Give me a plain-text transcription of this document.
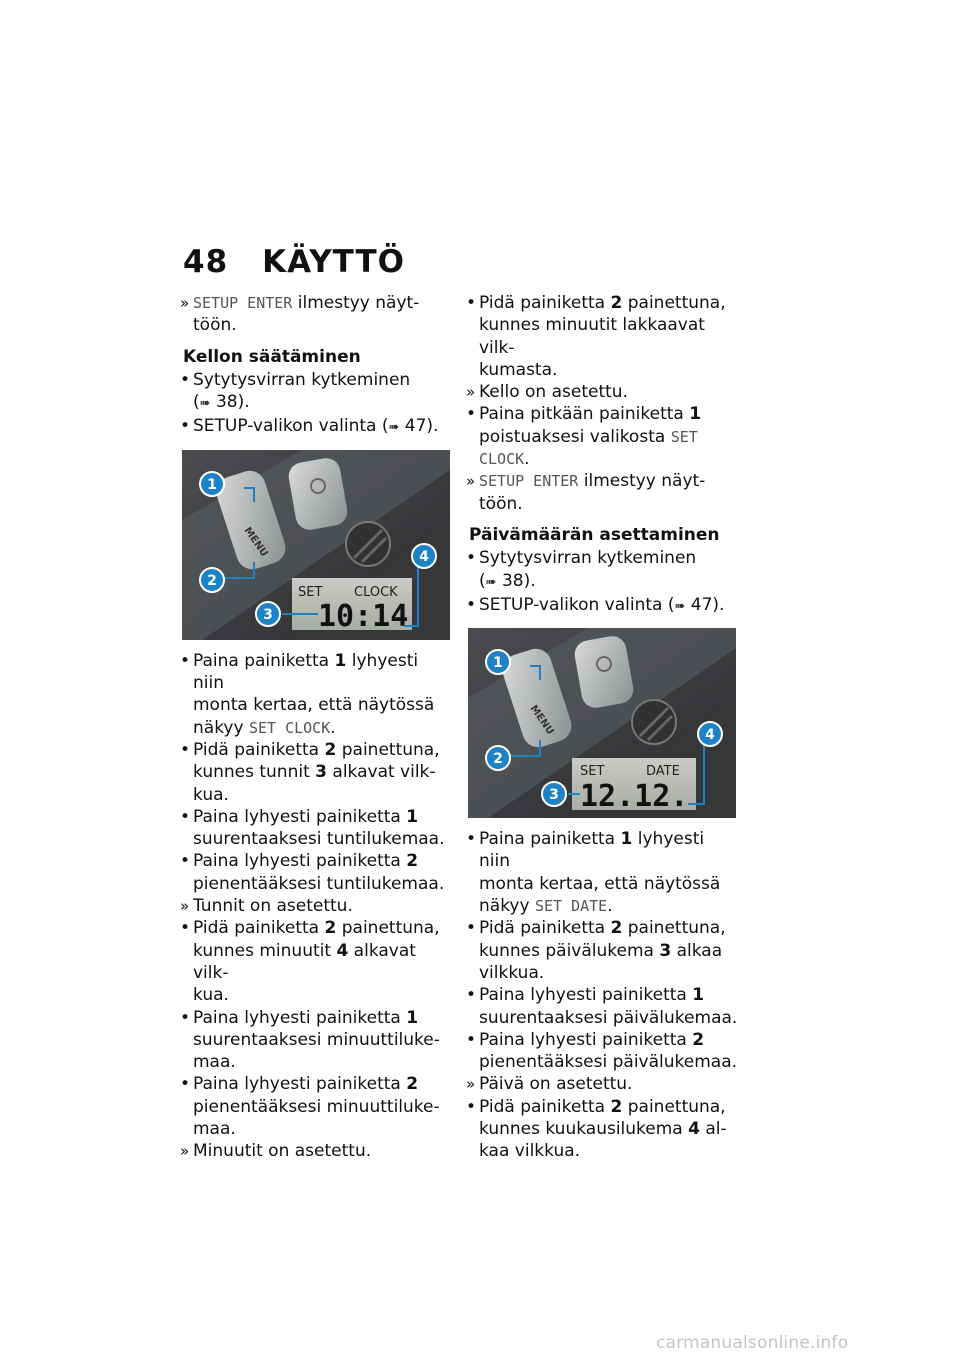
48 KÄYTTÖ

» SETUP ENTER ilmestyy näyt-
töön.

Kellon säätäminen

• Sytytysvirran kytkeminen
(➠ 38).

• SETUP-valikon valinta (➠ 47).

MENU
SET CLOCK
10:14
1
2
3
4

• Paina painiketta 1 lyhyesti niin
monta kertaa, että näytössä
näkyy SET CLOCK.

• Pidä painiketta 2 painettuna,
kunnes tunnit 3 alkavat vilk-
kua.

• Paina lyhyesti painiketta 1
suurentaaksesi tuntilukemaa.

• Paina lyhyesti painiketta 2
pienentääksesi tuntilukemaa.

» Tunnit on asetettu.

• Pidä painiketta 2 painettuna,
kunnes minuutit 4 alkavat vilk-
kua.

• Paina lyhyesti painiketta 1
suurentaaksesi minuuttiluke-
maa.

• Paina lyhyesti painiketta 2
pienentääksesi minuuttiluke-
maa.

» Minuutit on asetettu.

• Pidä painiketta 2 painettuna,
kunnes minuutit lakkaavat vilk-
kumasta.

» Kello on asetettu.

• Paina pitkään painiketta 1
poistuaksesi valikosta SET
CLOCK.

» SETUP ENTER ilmestyy näyt-
töön.

Päivämäärän asettaminen

• Sytytysvirran kytkeminen
(➠ 38).

• SETUP-valikon valinta (➠ 47).

MENU
SET	DATE
12.12.
1
2
3
4

• Paina painiketta 1 lyhyesti niin
monta kertaa, että näytössä
näkyy SET DATE.

• Pidä painiketta 2 painettuna,
kunnes päivälukema 3 alkaa
vilkkua.

• Paina lyhyesti painiketta 1
suurentaaksesi päivälukemaa.

• Paina lyhyesti painiketta 2
pienentääksesi päivälukemaa.

» Päivä on asetettu.

• Pidä painiketta 2 painettuna,
kunnes kuukausilukema 4 al-
kaa vilkkua.

carmanualsonline.info
